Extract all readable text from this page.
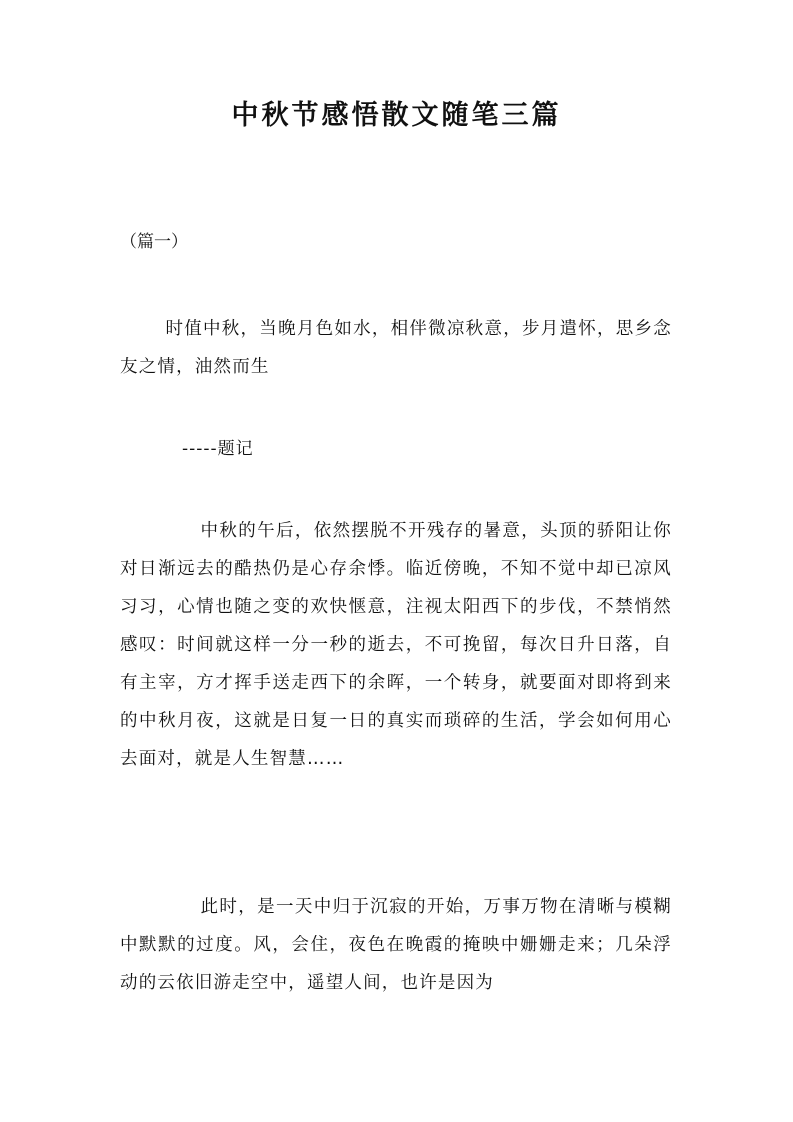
中秋节感悟散文随笔三篇
（篇一）

时值中秋，当晚月色如水，相伴微凉秋意，步月遣怀，思乡念友之情，油然而生

-----题记

中秋的午后，依然摆脱不开残存的暑意，头顶的骄阳让你对日渐远去的酷热仍是心存余悸。临近傍晚，不知不觉中却已凉风习习，心情也随之变的欢快惬意，注视太阳西下的步伐，不禁悄然感叹：时间就这样一分一秒的逝去，不可挽留，每次日升日落，自有主宰，方才挥手送走西下的余晖，一个转身，就要面对即将到来的中秋月夜，这就是日复一日的真实而琐碎的生活，学会如何用心去面对，就是人生智慧……

此时，是一天中归于沉寂的开始，万事万物在清晰与模糊中默默的过度。风，会住，夜色在晚霞的掩映中姗姗走来；几朵浮动的云依旧游走空中，遥望人间，也许是因为
